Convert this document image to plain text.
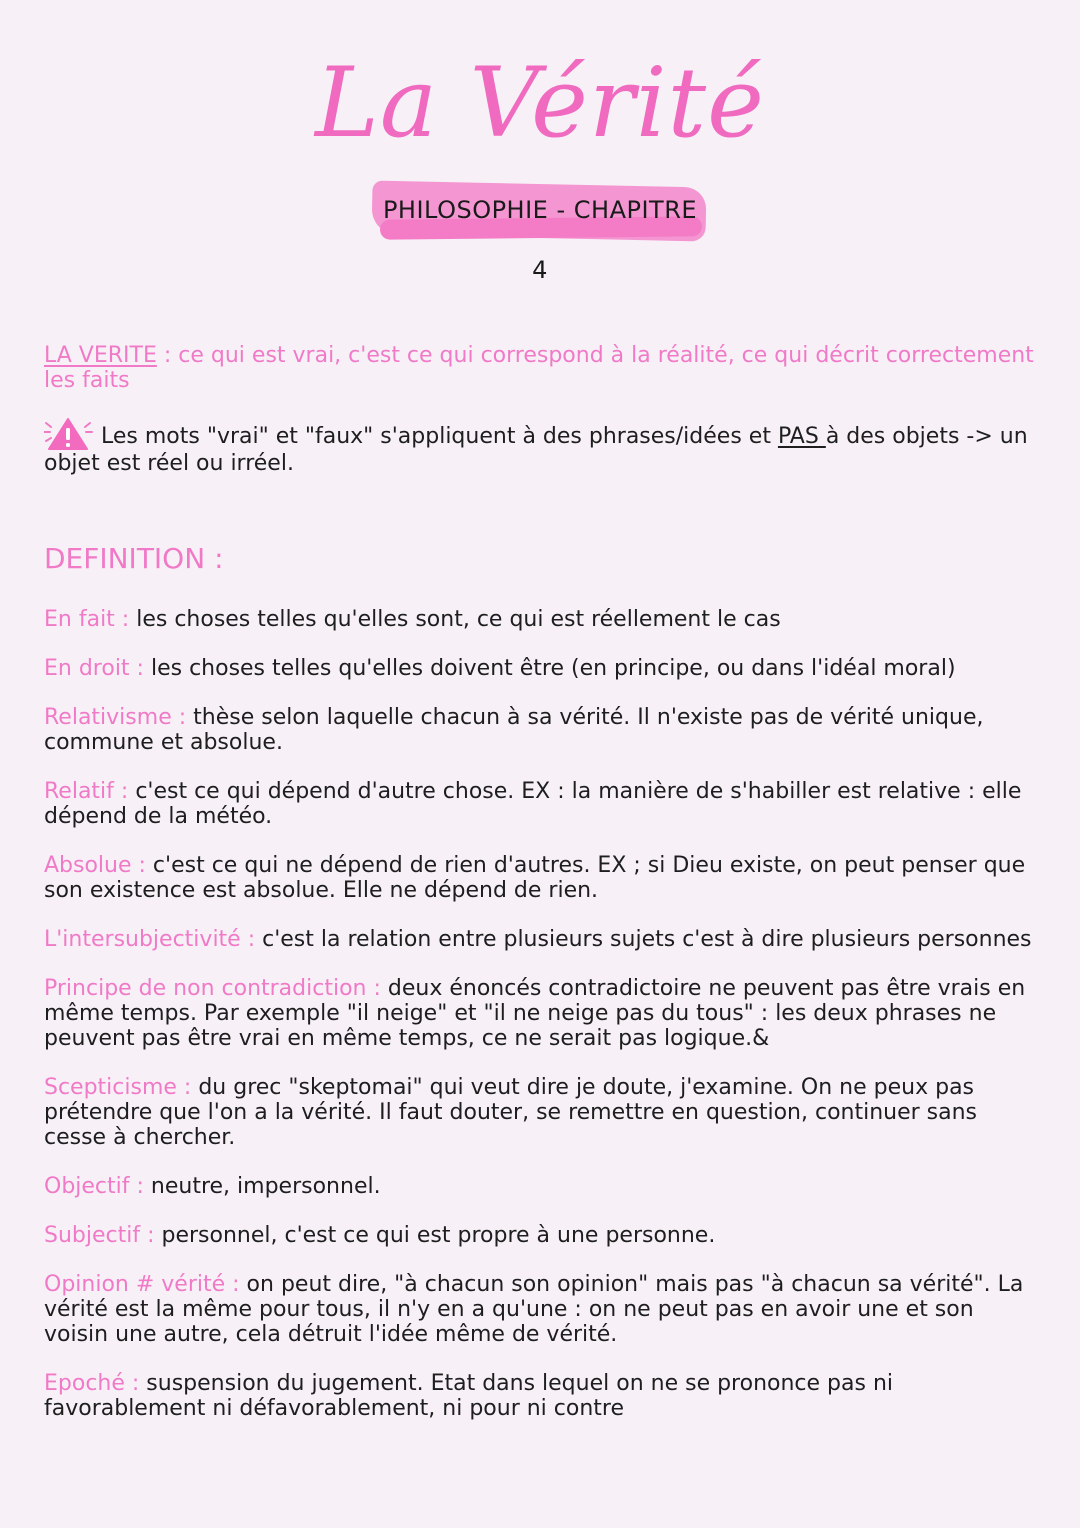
La Vérité
PHILOSOPHIE - CHAPITRE 4

LA VERITE : ce qui est vrai, c'est ce qui correspond à la réalité, ce qui décrit correctement les faits

Les mots "vrai" et "faux" s'appliquent à des phrases/idées et PAS à des objets -> un objet est réel ou irréel.

DEFINITION :

En fait : les choses telles qu'elles sont, ce qui est réellement le cas

En droit : les choses telles qu'elles doivent être (en principe, ou dans l'idéal moral)

Relativisme : thèse selon laquelle chacun à sa vérité. Il n'existe pas de vérité unique, commune et absolue.

Relatif : c'est ce qui dépend d'autre chose. EX : la manière de s'habiller est relative : elle dépend de la météo.

Absolue : c'est ce qui ne dépend de rien d'autres. EX ; si Dieu existe, on peut penser que son existence est absolue. Elle ne dépend de rien.

L'intersubjectivité : c'est la relation entre plusieurs sujets c'est à dire plusieurs personnes

Principe de non contradiction : deux énoncés contradictoire ne peuvent pas être vrais en même temps. Par exemple "il neige" et "il ne neige pas du tous" : les deux phrases ne peuvent pas être vrai en même temps, ce ne serait pas logique.&

Scepticisme : du grec "skeptomai" qui veut dire je doute, j'examine. On ne peux pas prétendre que l'on a la vérité. Il faut douter, se remettre en question, continuer sans cesse à chercher.

Objectif : neutre, impersonnel.

Subjectif : personnel, c'est ce qui est propre à une personne.

Opinion # vérité : on peut dire, "à chacun son opinion" mais pas "à chacun sa vérité". La vérité est la même pour tous, il n'y en a qu'une : on ne peut pas en avoir une et son voisin une autre, cela détruit l'idée même de vérité.

Epoché : suspension du jugement. Etat dans lequel on ne se prononce pas ni favorablement ni défavorablement, ni pour ni contre
